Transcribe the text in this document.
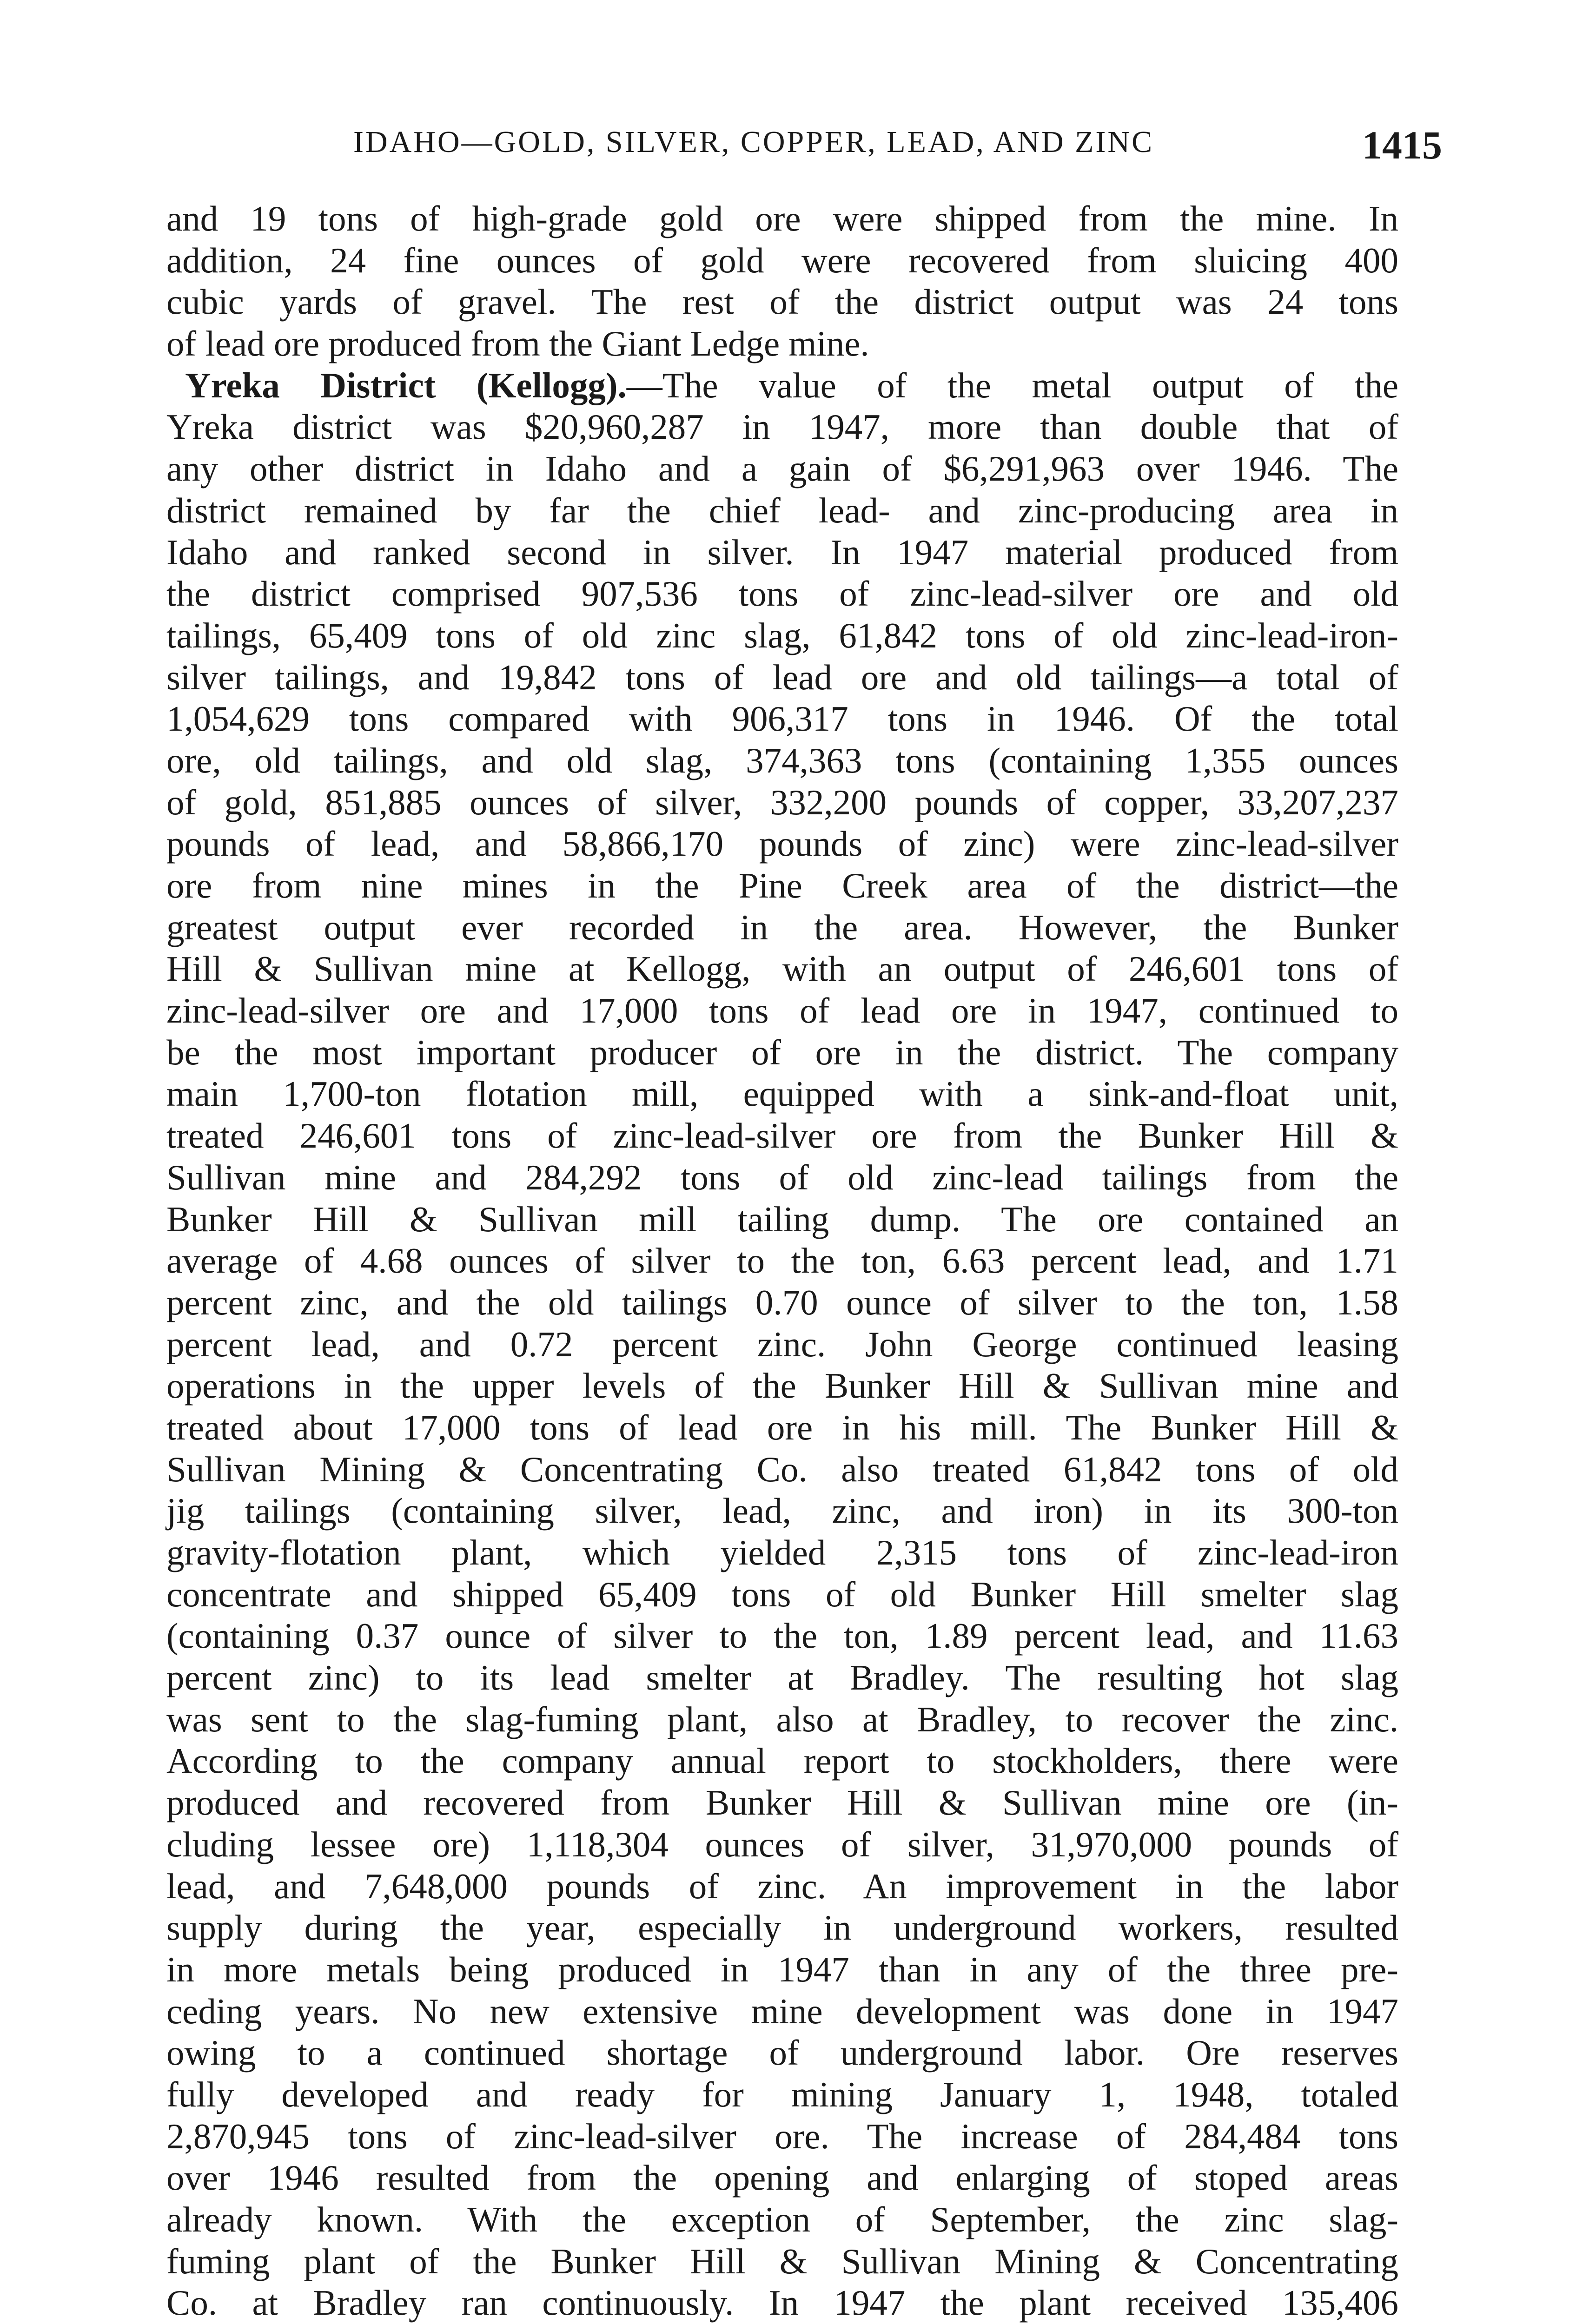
IDAHO—GOLD, SILVER, COPPER, LEAD, AND ZINC	1415
and 19 tons of high-grade gold ore were shipped from the mine. In
addition, 24 fine ounces of gold were recovered from sluicing 400
cubic yards of gravel. The rest of the district output was 24 tons
of lead ore produced from the Giant Ledge mine.
Yreka District (Kellogg).—The value of the metal output of the
Yreka district was $20,960,287 in 1947, more than double that of
any other district in Idaho and a gain of $6,291,963 over 1946. The
district remained by far the chief lead- and zinc-producing area in
Idaho and ranked second in silver. In 1947 material produced from
the district comprised 907,536 tons of zinc-lead-silver ore and old
tailings, 65,409 tons of old zinc slag, 61,842 tons of old zinc-lead-iron-
silver tailings, and 19,842 tons of lead ore and old tailings—a total of
1,054,629 tons compared with 906,317 tons in 1946. Of the total
ore, old tailings, and old slag, 374,363 tons (containing 1,355 ounces
of gold, 851,885 ounces of silver, 332,200 pounds of copper, 33,207,237
pounds of lead, and 58,866,170 pounds of zinc) were zinc-lead-silver
ore from nine mines in the Pine Creek area of the district—the
greatest output ever recorded in the area. However, the Bunker
Hill & Sullivan mine at Kellogg, with an output of 246,601 tons of
zinc-lead-silver ore and 17,000 tons of lead ore in 1947, continued to
be the most important producer of ore in the district. The company
main 1,700-ton flotation mill, equipped with a sink-and-float unit,
treated 246,601 tons of zinc-lead-silver ore from the Bunker Hill &
Sullivan mine and 284,292 tons of old zinc-lead tailings from the
Bunker Hill & Sullivan mill tailing dump. The ore contained an
average of 4.68 ounces of silver to the ton, 6.63 percent lead, and 1.71
percent zinc, and the old tailings 0.70 ounce of silver to the ton, 1.58
percent lead, and 0.72 percent zinc. John George continued leasing
operations in the upper levels of the Bunker Hill & Sullivan mine and
treated about 17,000 tons of lead ore in his mill. The Bunker Hill &
Sullivan Mining & Concentrating Co. also treated 61,842 tons of old
jig tailings (containing silver, lead, zinc, and iron) in its 300-ton
gravity-flotation plant, which yielded 2,315 tons of zinc-lead-iron
concentrate and shipped 65,409 tons of old Bunker Hill smelter slag
(containing 0.37 ounce of silver to the ton, 1.89 percent lead, and 11.63
percent zinc) to its lead smelter at Bradley. The resulting hot slag
was sent to the slag-fuming plant, also at Bradley, to recover the zinc.
According to the company annual report to stockholders, there were
produced and recovered from Bunker Hill & Sullivan mine ore (in-
cluding lessee ore) 1,118,304 ounces of silver, 31,970,000 pounds of
lead, and 7,648,000 pounds of zinc. An improvement in the labor
supply during the year, especially in underground workers, resulted
in more metals being produced in 1947 than in any of the three pre-
ceding years. No new extensive mine development was done in 1947
owing to a continued shortage of underground labor. Ore reserves
fully developed and ready for mining January 1, 1948, totaled
2,870,945 tons of zinc-lead-silver ore. The increase of 284,484 tons
over 1946 resulted from the opening and enlarging of stoped areas
already known. With the exception of September, the zinc slag-
fuming plant of the Bunker Hill & Sullivan Mining & Concentrating
Co. at Bradley ran continuously. In 1947 the plant received 135,406
